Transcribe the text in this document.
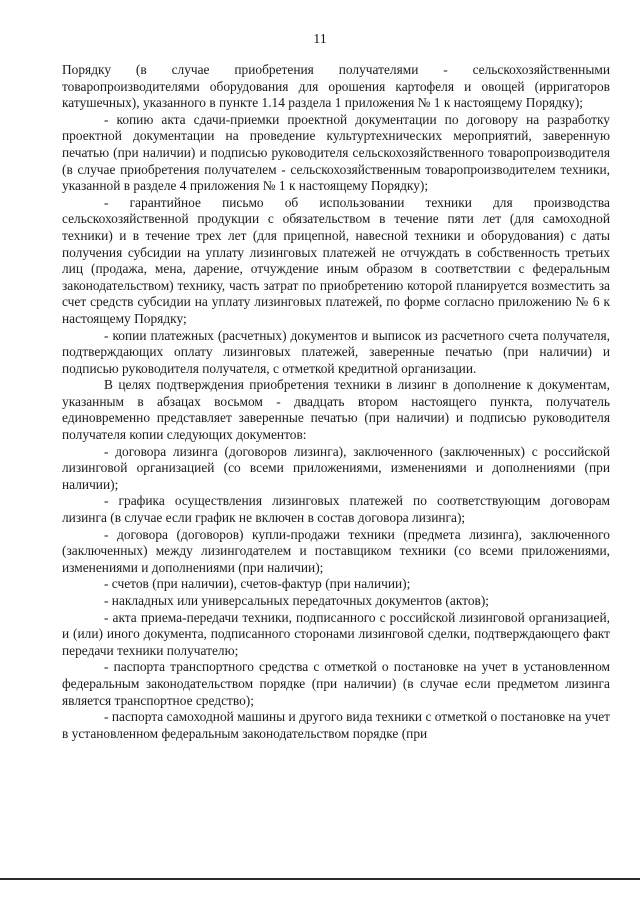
11

Порядку (в случае приобретения получателями - сельскохозяйственными товаропроизводителями оборудования для орошения картофеля и овощей (ирригаторов катушечных), указанного в пункте 1.14 раздела 1 приложения № 1 к настоящему Порядку);

- копию акта сдачи-приемки проектной документации по договору на разработку проектной документации на проведение культуртехнических мероприятий, заверенную печатью (при наличии) и подписью руководителя сельскохозяйственного товаропроизводителя (в случае приобретения получателем - сельскохозяйственным товаропроизводителем техники, указанной в разделе 4 приложения № 1 к настоящему Порядку);

- гарантийное письмо об использовании техники для производства сельскохозяйственной продукции с обязательством в течение пяти лет (для самоходной техники) и в течение трех лет (для прицепной, навесной техники и оборудования) с даты получения субсидии на уплату лизинговых платежей не отчуждать в собственность третьих лиц (продажа, мена, дарение, отчуждение иным образом в соответствии с федеральным законодательством) технику, часть затрат по приобретению которой планируется возместить за счет средств субсидии на уплату лизинговых платежей, по форме согласно приложению № 6 к настоящему Порядку;

- копии платежных (расчетных) документов и выписок из расчетного счета получателя, подтверждающих оплату лизинговых платежей, заверенные печатью (при наличии) и подписью руководителя получателя, с отметкой кредитной организации.

В целях подтверждения приобретения техники в лизинг в дополнение к документам, указанным в абзацах восьмом - двадцать втором настоящего пункта, получатель единовременно представляет заверенные печатью (при наличии) и подписью руководителя получателя копии следующих документов:

- договора лизинга (договоров лизинга), заключенного (заключенных) с российской лизинговой организацией (со всеми приложениями, изменениями и дополнениями (при наличии);

- графика осуществления лизинговых платежей по соответствующим договорам лизинга (в случае если график не включен в состав договора лизинга);

- договора (договоров) купли-продажи техники (предмета лизинга), заключенного (заключенных) между лизингодателем и поставщиком техники (со всеми приложениями, изменениями и дополнениями (при наличии);

- счетов (при наличии), счетов-фактур (при наличии);

- накладных или универсальных передаточных документов (актов);

- акта приема-передачи техники, подписанного с российской лизинговой организацией, и (или) иного документа, подписанного сторонами лизинговой сделки, подтверждающего факт передачи техники получателю;

- паспорта транспортного средства с отметкой о постановке на учет в установленном федеральным законодательством порядке (при наличии) (в случае если предметом лизинга является транспортное средство);

- паспорта самоходной машины и другого вида техники с отметкой о постановке на учет в установленном федеральным законодательством порядке (при
